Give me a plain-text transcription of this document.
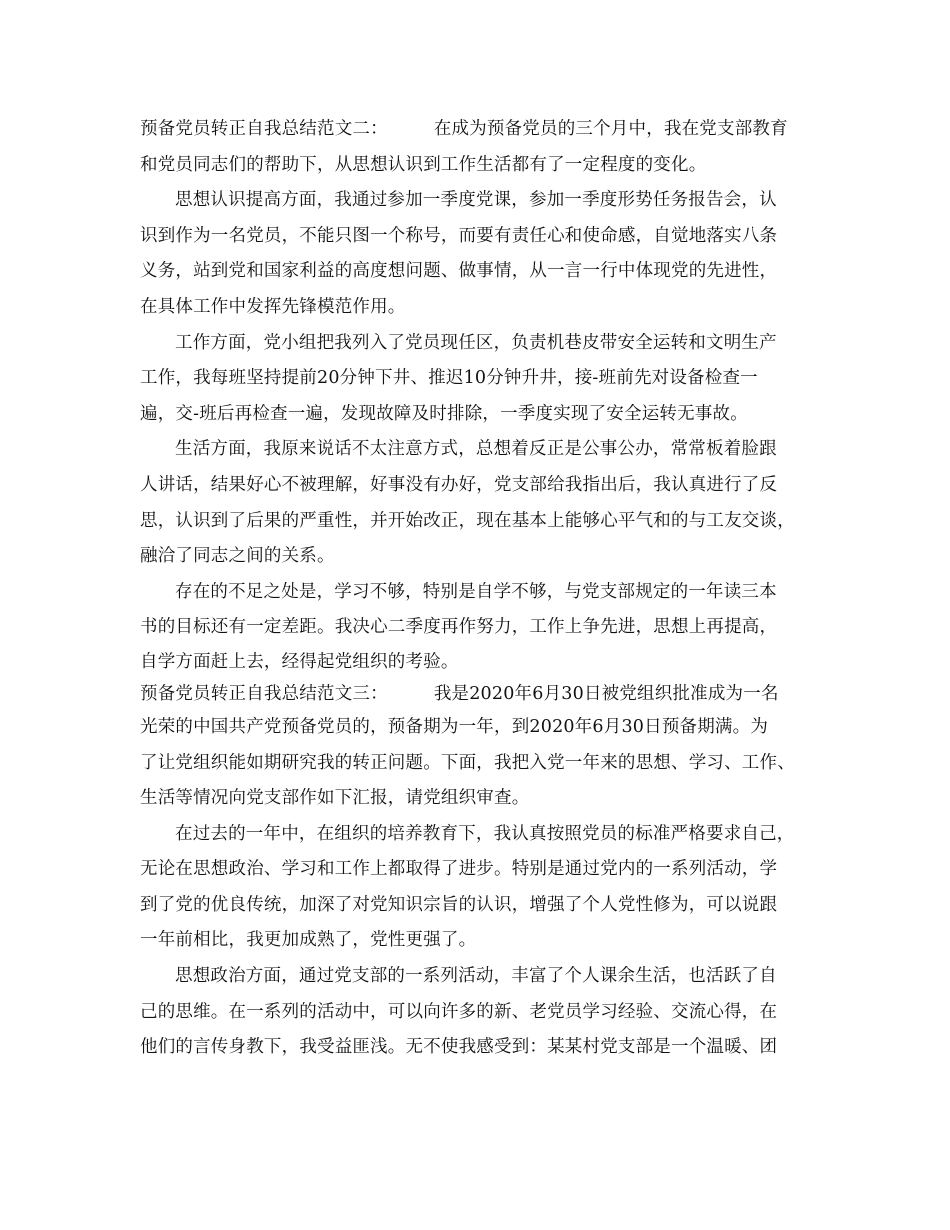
预备党员转正自我总结范文二：	在成为预备党员的三个月中，我在党支部教育
和党员同志们的帮助下，从思想认识到工作生活都有了一定程度的变化。
思想认识提高方面，我通过参加一季度党课，参加一季度形势任务报告会，认
识到作为一名党员，不能只图一个称号，而要有责任心和使命感，自觉地落实八条
义务，站到党和国家利益的高度想问题、做事情，从一言一行中体现党的先进性，
在具体工作中发挥先锋模范作用。
工作方面，党小组把我列入了党员现任区，负责机巷皮带安全运转和文明生产
工作，我每班坚持提前20分钟下井、推迟10分钟升井，接-班前先对设备检查一
遍，交-班后再检查一遍，发现故障及时排除，一季度实现了安全运转无事故。
生活方面，我原来说话不太注意方式，总想着反正是公事公办，常常板着脸跟
人讲话，结果好心不被理解，好事没有办好，党支部给我指出后，我认真进行了反
思，认识到了后果的严重性，并开始改正，现在基本上能够心平气和的与工友交谈，
融洽了同志之间的关系。
存在的不足之处是，学习不够，特别是自学不够，与党支部规定的一年读三本
书的目标还有一定差距。我决心二季度再作努力，工作上争先进，思想上再提高，
自学方面赶上去，经得起党组织的考验。
预备党员转正自我总结范文三：	我是2020年6月30日被党组织批准成为一名
光荣的中国共产党预备党员的，预备期为一年，到2020年6月30日预备期满。为
了让党组织能如期研究我的转正问题。下面，我把入党一年来的思想、学习、工作、
生活等情况向党支部作如下汇报，请党组织审查。
在过去的一年中，在组织的培养教育下，我认真按照党员的标准严格要求自己，
无论在思想政治、学习和工作上都取得了进步。特别是通过党内的一系列活动，学
到了党的优良传统，加深了对党知识宗旨的认识，增强了个人党性修为，可以说跟
一年前相比，我更加成熟了，党性更强了。
思想政治方面，通过党支部的一系列活动，丰富了个人课余生活，也活跃了自
己的思维。在一系列的活动中，可以向许多的新、老党员学习经验、交流心得，在
他们的言传身教下，我受益匪浅。无不使我感受到：某某村党支部是一个温暖、团
